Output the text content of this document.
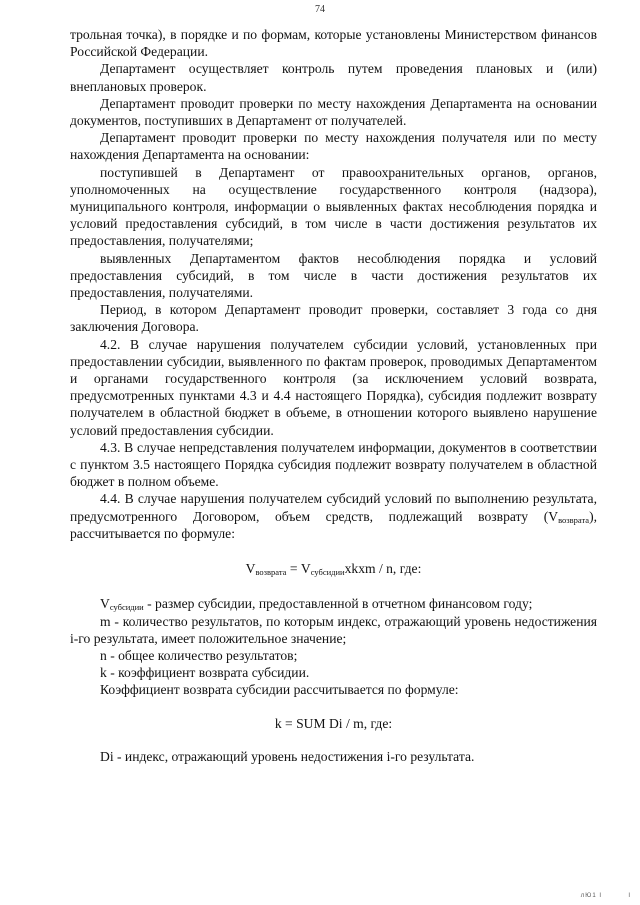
74

трольная точка), в порядке и по формам, которые установлены Министерством финансов Российской Федерации.

Департамент осуществляет контроль путем проведения плановых и (или) внеплановых проверок.

Департамент проводит проверки по месту нахождения Департамента на основании документов, поступивших в Департамент от получателей.

Департамент проводит проверки по месту нахождения получателя или по месту нахождения Департамента на основании:

поступившей в Департамент от правоохранительных органов, органов, уполномоченных на осуществление государственного контроля (надзора), муниципального контроля, информации о выявленных фактах несоблюдения порядка и условий предоставления субсидий, в том числе в части достижения результатов их предоставления, получателями;

выявленных Департаментом фактов несоблюдения порядка и условий предоставления субсидий, в том числе в части достижения результатов их предоставления, получателями.

Период, в котором Департамент проводит проверки, составляет 3 года со дня заключения Договора.

4.2. В случае нарушения получателем субсидии условий, установленных при предоставлении субсидии, выявленного по фактам проверок, проводимых Департаментом и органами государственного контроля (за исключением условий возврата, предусмотренных пунктами 4.3 и 4.4 настоящего Порядка), субсидия подлежит возврату получателем в областной бюджет в объеме, в отношении которого выявлено нарушение условий предоставления субсидии.

4.3. В случае непредставления получателем информации, документов в соответствии с пунктом 3.5 настоящего Порядка субсидия подлежит возврату получателем в областной бюджет в полном объеме.

4.4. В случае нарушения получателем субсидий условий по выполнению результата, предусмотренного Договором, объем средств, подлежащий возврату $(V_{возврата})$, рассчитывается по формуле:

$V_{возврата}$ = $V_{субсидии}xkxm$ / n, где:

$V_{субсидии}$ - размер субсидии, предоставленной в отчетном финансовом году;

m - количество результатов, по которым индекс, отражающий уровень недостижения i-го результата, имеет положительное значение;

n - общее количество результатов;

k - коэффициент возврата субсидии.

Коэффициент возврата субсидии рассчитывается по формуле:

k = SUM Di / m, где:

Di - индекс, отражающий уровень недостижения i-го результата.

лЮ1 I	I
